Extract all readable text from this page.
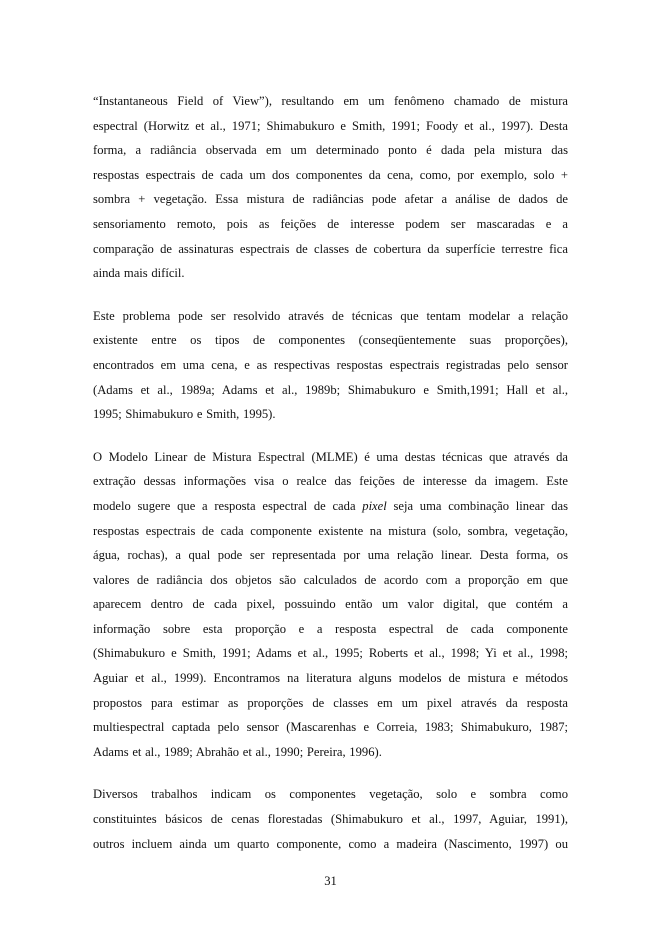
“Instantaneous Field of View”), resultando em um fenômeno chamado de mistura
espectral (Horwitz et al., 1971; Shimabukuro e Smith, 1991; Foody et al., 1997). Desta
forma, a radiância observada em um determinado ponto é dada pela mistura das
respostas espectrais de cada um dos componentes da cena, como, por exemplo, solo +
sombra + vegetação. Essa mistura de radiâncias pode afetar a análise de dados de
sensoriamento remoto, pois as feições de interesse podem ser mascaradas e a
comparação de assinaturas espectrais de classes de cobertura da superfície terrestre fica
ainda mais difícil.

Este problema pode ser resolvido através de técnicas que tentam modelar a relação
existente entre os tipos de componentes (conseqüentemente suas proporções),
encontrados em uma cena, e as respectivas respostas espectrais registradas pelo sensor
(Adams et al., 1989a; Adams et al., 1989b; Shimabukuro e Smith,1991; Hall et al.,
1995; Shimabukuro e Smith, 1995).

O Modelo Linear de Mistura Espectral (MLME) é uma destas técnicas que através da
extração dessas informações visa o realce das feições de interesse da imagem. Este
modelo sugere que a resposta espectral de cada pixel seja uma combinação linear das
respostas espectrais de cada componente existente na mistura (solo, sombra, vegetação,
água, rochas), a qual pode ser representada por uma relação linear. Desta forma, os
valores de radiância dos objetos são calculados de acordo com a proporção em que
aparecem dentro de cada pixel, possuindo então um valor digital, que contém a
informação sobre esta proporção e a resposta espectral de cada componente
(Shimabukuro e Smith, 1991; Adams et al., 1995; Roberts et al., 1998; Yi et al., 1998;
Aguiar et al., 1999). Encontramos na literatura alguns modelos de mistura e métodos
propostos para estimar as proporções de classes em um pixel através da resposta
multiespectral captada pelo sensor (Mascarenhas e Correia, 1983; Shimabukuro, 1987;
Adams et al., 1989; Abrahão et al., 1990; Pereira, 1996).

Diversos trabalhos indicam os componentes vegetação, solo e sombra como
constituintes básicos de cenas florestadas (Shimabukuro et al., 1997, Aguiar, 1991),
outros incluem ainda um quarto componente, como a madeira (Nascimento, 1997) ou

31
